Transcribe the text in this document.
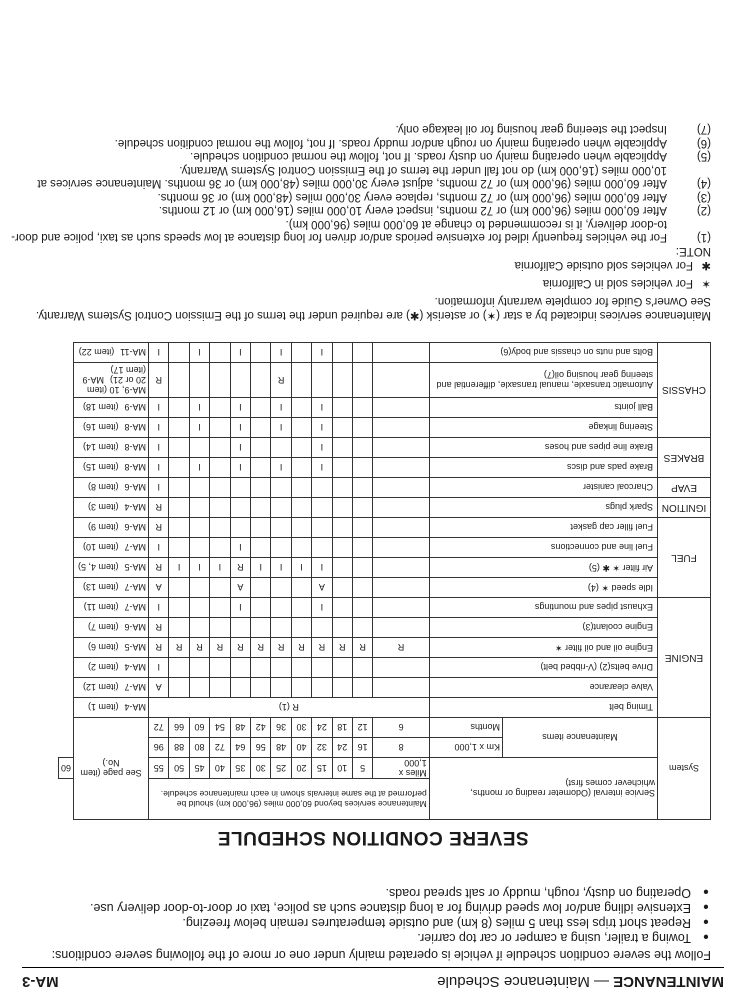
MAINTENANCE — Maintenance Schedule
MA-3
Follow the severe condition schedule if vehicle is operated mainly under one or more of the following severe conditions:
● Towing a trailer, using a camper or car top carrier.
● Repeat short trips less than 5 miles (8 km) and outside temperatures remain below freezing.
● Extensive idling and/or low speed driving for a long distance such as police, taxi or door-to-door delivery use.
● Operating on dusty, rough, muddy or salt spread roads.
SEVERE CONDITION SCHEDULE
System	Service interval (Odometer reading or months, whichever comes first)		Maintenance services beyond 60,000 miles (96,000 km) should be performed at the same intervals shown in each maintenance schedule.												See page (item No.)	
			Miles x 1,000	5	10	15	20	25	30	35	40	45	50	55		60
	Maintenance items	Km x 1,000	8	16	24	32	40	48	56	64	72	80	88	96		
		Months	6	12	18	24	30	36	42	48	54	60	66	72		
ENGINE	Timing belt		R (1)												MA-4(item 1)	
	Valve clearance													A	MA-7(item 12)	
	Drive belts(2) (V-ribbed belt)													I	MA-4(item 2)	
	Engine oil and oil filter ✶		R	R	R	R	R	R	R	R	R	R	R	R	MA-5(item 6)	
	Engine coolant(3)													R	MA-6(item 7)	
	Exhaust pipes and mountings					I				I				I	MA-7(item 11)	
FUEL	Idle speed ✶ (4)					A				A				A	MA-7(item 13)	
	Air filter ✶ ✱ (5)					I	I	I	I	R	I	I	I	R	MA-5(item 4, 5)	
	Fuel line and connections									I				I	MA-7(item 10)	
	Fuel filler cap gasket													R	MA-6(item 9)	
IGNITION	Spark plugs													R	MA-4(item 3)	
EVAP	Charcoal canister													I	MA-6(item 8)	
BRAKES	Brake pads and discs					I		I		I		I		I	MA-8(item 15)	
	Brake line pipes and hoses					I				I				I	MA-8(item 14)	
CHASSIS	Steering linkage					I		I		I		I		I	MA-8(item 16)	
	Ball joints					I		I		I		I		I	MA-9(item 18)	
	Automatic transaxle, manual transaxle, differential and steering gear housing oil(7)							R						R	MA-9, 10 (item 20 or 21)MA-9 (item 17)	
	Bolts and nuts on chassis and body(6)					I		I		I		I		I	MA-11(item 22)	

Maintenance services indicated by a star (✶) or asterisk (✱) are required under the terms of the Emission Control Systems Warranty. See Owner's Guide for complete warranty information.

✶For vehicles sold in California

✱For vehicles sold outside California

NOTE:
(1)
For the vehicles frequently idled for extensive periods and/or driven for long distance at low speeds such as taxi, police and door-to-door delivery, it is recommended to change at 60,000 miles (96,000 km).
(2)
After 60,000 miles (96,000 km) or 72 months, inspect every 10,000 miles (16,000 km) or 12 months.
(3)
After 60,000 miles (96,000 km) or 72 months, replace every 30,000 miles (48,000 km) or 36 months.
(4)
After 60,000 miles (96,000 km) or 72 months, adjust every 30,000 miles (48,000 km) or 36 months. Maintenance services at 10,000 miles (16,000 km) do not fall under the terms of the Emission Control Systems Warranty.
(5)
Applicable when operating mainly on dusty roads. If not, follow the normal condition schedule.
(6)
Applicable when operating mainly on rough and/or muddy roads. If not, follow the normal condition schedule.
(7)
Inspect the steering gear housing for oil leakage only.
